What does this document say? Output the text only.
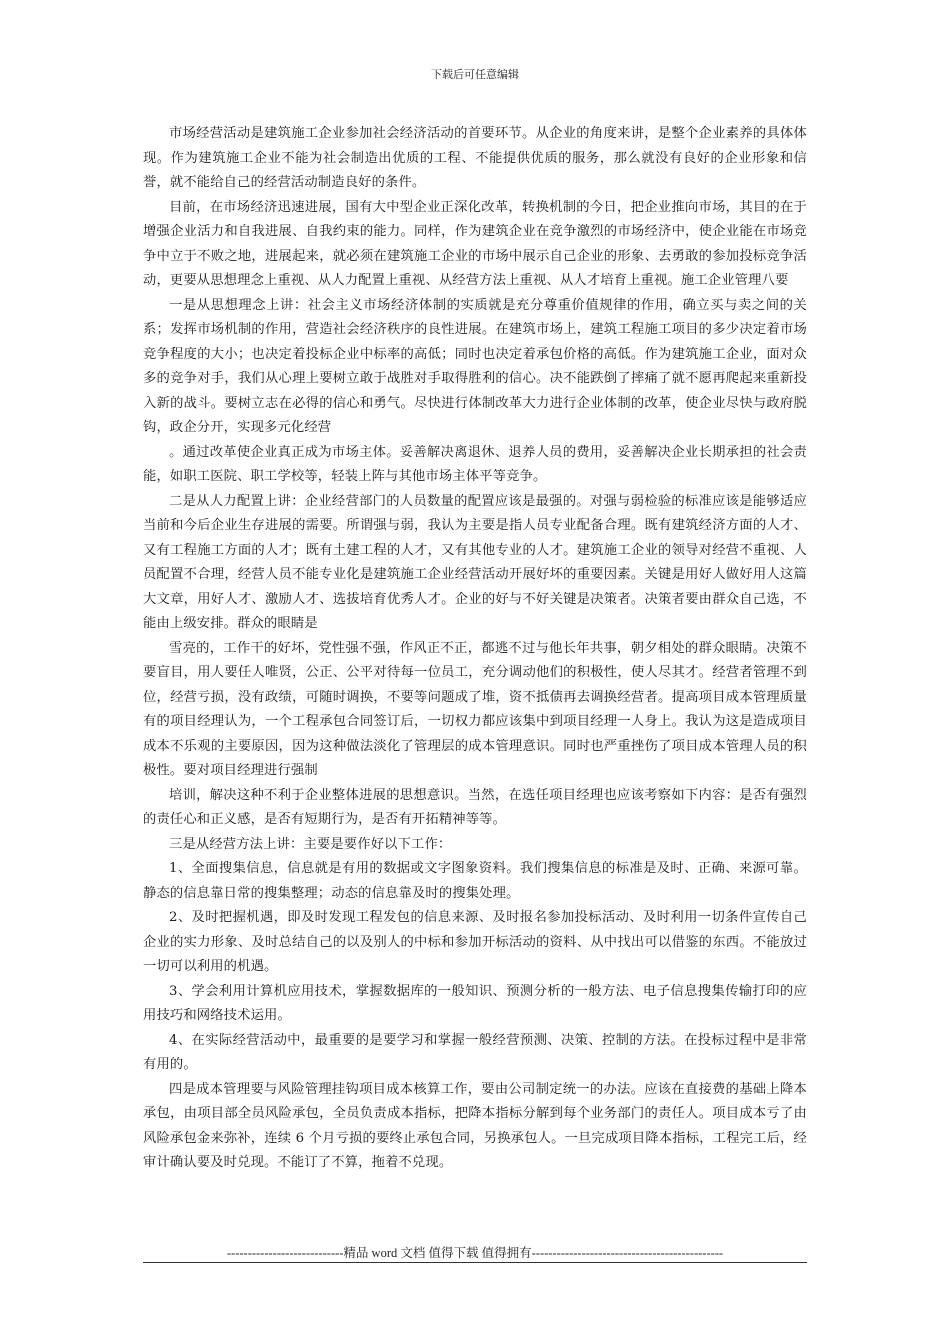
下载后可任意编辑

市场经营活动是建筑施工企业参加社会经济活动的首要环节。从企业的角度来讲，是整个企业素养的具体体现。作为建筑施工企业不能为社会制造出优质的工程、不能提供优质的服务，那么就没有良好的企业形象和信誉，就不能给自己的经营活动制造良好的条件。

目前，在市场经济迅速进展，国有大中型企业正深化改革，转换机制的今日，把企业推向市场，其目的在于增强企业活力和自我进展、自我约束的能力。同样，作为建筑企业在竞争激烈的市场经济中，使企业能在市场竞争中立于不败之地，进展起来，就必须在建筑施工企业的市场中展示自己企业的形象、去勇敢的参加投标竞争活动，更要从思想理念上重视、从人力配置上重视、从经营方法上重视、从人才培育上重视。施工企业管理八要

一是从思想理念上讲：社会主义市场经济体制的实质就是充分尊重价值规律的作用，确立买与卖之间的关系；发挥市场机制的作用，营造社会经济秩序的良性进展。在建筑市场上，建筑工程施工项目的多少决定着市场竞争程度的大小；也决定着投标企业中标率的高低；同时也决定着承包价格的高低。作为建筑施工企业，面对众多的竞争对手，我们从心理上要树立敢于战胜对手取得胜利的信心。决不能跌倒了摔痛了就不愿再爬起来重新投入新的战斗。要树立志在必得的信心和勇气。尽快进行体制改革大力进行企业体制的改革，使企业尽快与政府脱钩，政企分开，实现多元化经营

。通过改革使企业真正成为市场主体。妥善解决离退休、退养人员的费用，妥善解决企业长期承担的社会责能，如职工医院、职工学校等，轻装上阵与其他市场主体平等竞争。

二是从人力配置上讲：企业经营部门的人员数量的配置应该是最强的。对强与弱检验的标准应该是能够适应当前和今后企业生存进展的需要。所谓强与弱，我认为主要是指人员专业配备合理。既有建筑经济方面的人才、又有工程施工方面的人才；既有土建工程的人才，又有其他专业的人才。建筑施工企业的领导对经营不重视、人员配置不合理，经营人员不能专业化是建筑施工企业经营活动开展好坏的重要因素。关键是用好人做好用人这篇大文章，用好人才、激励人才、选拔培育优秀人才。企业的好与不好关键是决策者。决策者要由群众自己选，不能由上级安排。群众的眼睛是

雪亮的，工作干的好坏，党性强不强，作风正不正，都逃不过与他长年共事，朝夕相处的群众眼睛。决策不要盲目，用人要任人唯贤，公正、公平对待每一位员工，充分调动他们的积极性，使人尽其才。经营者管理不到位，经营亏损，没有政绩，可随时调换，不要等问题成了堆，资不抵债再去调换经营者。提高项目成本管理质量有的项目经理认为，一个工程承包合同签订后，一切权力都应该集中到项目经理一人身上。我认为这是造成项目成本不乐观的主要原因，因为这种做法淡化了管理层的成本管理意识。同时也严重挫伤了项目成本管理人员的积极性。要对项目经理进行强制

培训，解决这种不利于企业整体进展的思想意识。当然，在选任项目经理也应该考察如下内容：是否有强烈的责任心和正义感，是否有短期行为，是否有开拓精神等等。

三是从经营方法上讲：主要是要作好以下工作：

1、全面搜集信息，信息就是有用的数据或文字图象资料。我们搜集信息的标准是及时、正确、来源可靠。静态的信息靠日常的搜集整理；动态的信息靠及时的搜集处理。

2、及时把握机遇，即及时发现工程发包的信息来源、及时报名参加投标活动、及时利用一切条件宣传自己企业的实力形象、及时总结自己的以及别人的中标和参加开标活动的资料、从中找出可以借鉴的东西。不能放过一切可以利用的机遇。

3、学会利用计算机应用技术，掌握数据库的一般知识、预测分析的一般方法、电子信息搜集传输打印的应用技巧和网络技术运用。

4、在实际经营活动中，最重要的是要学习和掌握一般经营预测、决策、控制的方法。在投标过程中是非常有用的。

四是成本管理要与风险管理挂钩项目成本核算工作，要由公司制定统一的办法。应该在直接费的基础上降本承包，由项目部全员风险承包，全员负责成本指标，把降本指标分解到每个业务部门的责任人。项目成本亏了由风险承包金来弥补，连续 6 个月亏损的要终止承包合同，另换承包人。一旦完成项目降本指标，工程完工后，经审计确认要及时兑现。不能订了不算，拖着不兑现。

----------------------------精品 word 文档 值得下载 值得拥有----------------------------------------------
